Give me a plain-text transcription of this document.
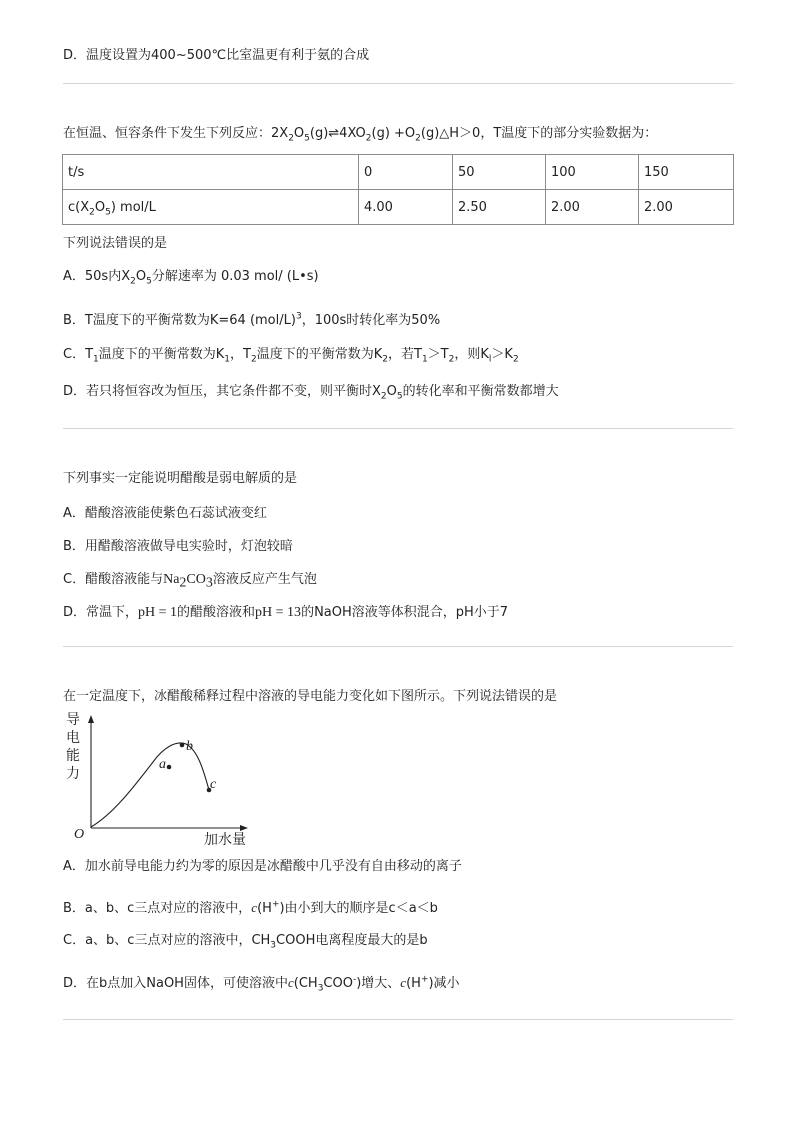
D．温度设置为400~500℃比室温更有利于氨的合成
在恒温、恒容条件下发生下列反应：$2X_2O_5(g)\rightleftharpoons 4XO_2(g)$ $+O_2(g)\triangle H>0$，T温度下的部分实验数据为：
t/s	0	50	100	150
$c(X_2O_5)$ mol/L	4.00	2.50	2.00	2.00
下列说法错误的是
A．50s内$X_2O_5$分解速率为 0.03 mol/ (L•s)
B．T温度下的平衡常数为K=64 $(mol/L)^3$，100s时转化率为50%
C．$T_1$温度下的平衡常数为$K_1$，$T_2$温度下的平衡常数为$K_2$，若$T_1>T_2$，则$K_l>K_2$
D．若只将恒容改为恒压，其它条件都不变，则平衡时$X_2O_5$的转化率和平衡常数都增大
下列事实一定能说明醋酸是弱电解质的是
A．醋酸溶液能使紫色石蕊试液变红
B．用醋酸溶液做导电实验时，灯泡较暗
C．醋酸溶液能与$Na_2CO_3$溶液反应产生气泡
D．常温下，pH = 1的醋酸溶液和pH = 13的NaOH溶液等体积混合，pH小于7
在一定温度下，冰醋酸稀释过程中溶液的导电能力变化如下图所示。下列说法错误的是
导
电
能
力
加水量
O
a
b
c
A．加水前导电能力约为零的原因是冰醋酸中几乎没有自由移动的离子
B．a、b、c三点对应的溶液中，c(H+)由小到大的顺序是c＜a＜b
C．a、b、c三点对应的溶液中，$CH_3COOH$电离程度最大的是b
D．在b点加入NaOH固体，可使溶液中$c(CH_3COO^-)$增大、c(H+)减小
